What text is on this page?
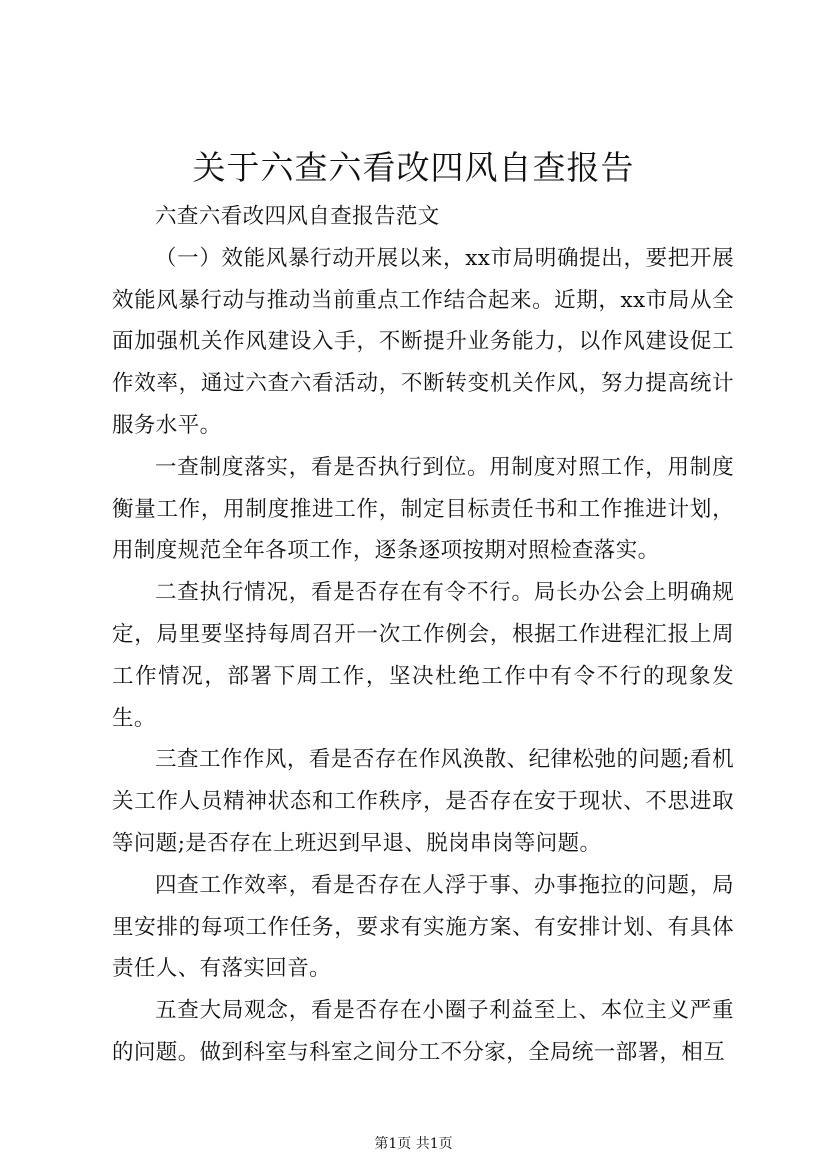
关于六查六看改四风自查报告

六查六看改四风自查报告范文

（一）效能风暴行动开展以来，xx市局明确提出，要把开展效能风暴行动与推动当前重点工作结合起来。近期，xx市局从全面加强机关作风建设入手，不断提升业务能力，以作风建设促工作效率，通过六查六看活动，不断转变机关作风，努力提高统计服务水平。

一查制度落实，看是否执行到位。用制度对照工作，用制度衡量工作，用制度推进工作，制定目标责任书和工作推进计划，用制度规范全年各项工作，逐条逐项按期对照检查落实。

二查执行情况，看是否存在有令不行。局长办公会上明确规定，局里要坚持每周召开一次工作例会，根据工作进程汇报上周工作情况，部署下周工作，坚决杜绝工作中有令不行的现象发生。

三查工作作风，看是否存在作风涣散、纪律松弛的问题;看机关工作人员精神状态和工作秩序，是否存在安于现状、不思进取等问题;是否存在上班迟到早退、脱岗串岗等问题。

四查工作效率，看是否存在人浮于事、办事拖拉的问题，局里安排的每项工作任务，要求有实施方案、有安排计划、有具体责任人、有落实回音。

五查大局观念，看是否存在小圈子利益至上、本位主义严重的问题。做到科室与科室之间分工不分家，全局统一部署，相互

第1页 共1页
